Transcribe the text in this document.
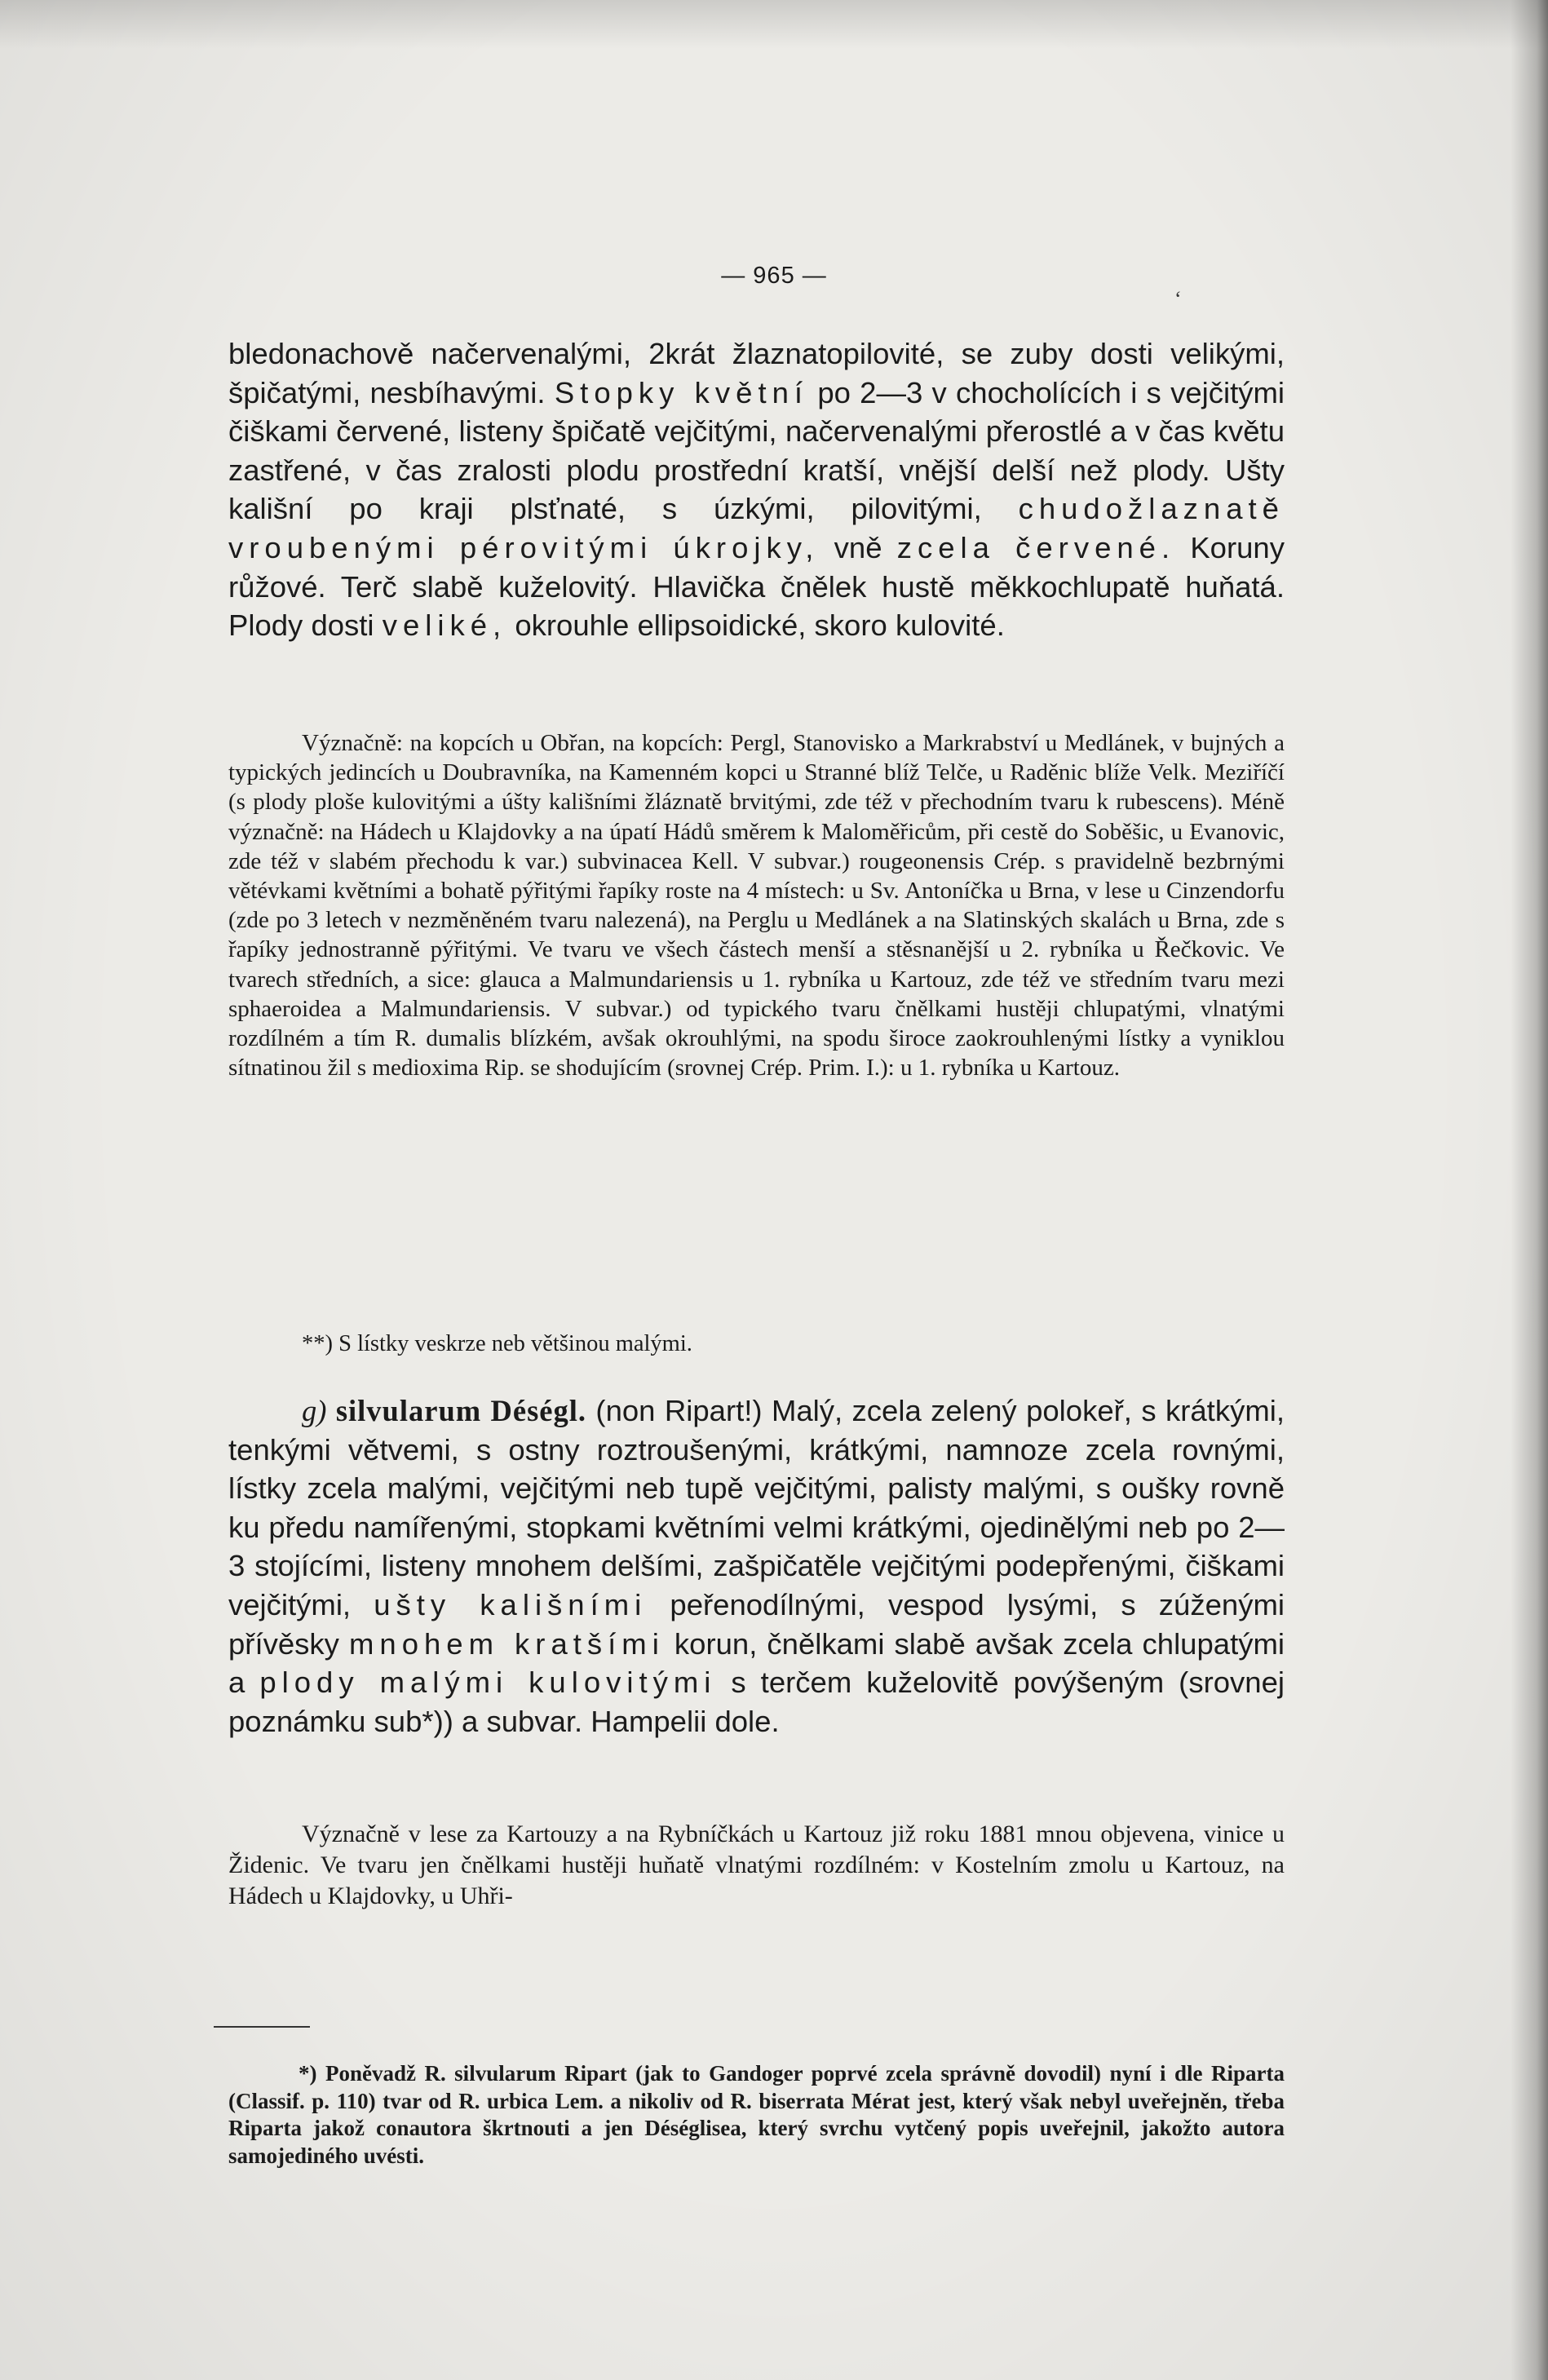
— 965 —
ʻ

bledonachově načervenalými, 2krát žlaznatopilovité, se zuby dosti velikými, špičatými, nesbíhavými. Stopky květní po 2—3 v chocholících i s vejčitými čiškami červené, listeny špičatě vejčitými, načervenalými přerostlé a v čas květu zastřené, v čas zralosti plodu prostřední kratší, vnější delší než plody. Ušty kališní po kraji plsťnaté, s úzkými, pilovitými, chudožlaznatě vroubenými pérovitými úkrojky, vně zcela červené. Koruny růžové. Terč slabě kuželovitý. Hlavička čnělek hustě měkkochlupatě huňatá. Plody dosti veliké, okrouhle ellipsoidické, skoro kulovité.

Význačně: na kopcích u Obřan, na kopcích: Pergl, Stanovisko a Markrabství u Medlánek, v bujných a typických jedincích u Doubravníka, na Kamenném kopci u Stranné blíž Telče, u Raděnic blíže Velk. Meziříčí (s plody ploše kulovitými a úšty kališními žláznatě brvitými, zde též v přechodním tvaru k rubescens). Méně význačně: na Hádech u Klajdovky a na úpatí Hádů směrem k Maloměřicům, při cestě do Soběšic, u Evanovic, zde též v slabém přechodu k var.) subvinacea Kell. V subvar.) rougeonensis Crép. s pravidelně bezbrnými větévkami květními a bohatě pýřitými řapíky roste na 4 místech: u Sv. Antoníčka u Brna, v lese u Cinzendorfu (zde po 3 letech v nezměněném tvaru nalezená), na Perglu u Medlánek a na Slatinských skalách u Brna, zde s řapíky jednostranně pýřitými. Ve tvaru ve všech částech menší a stěsnanější u 2. rybníka u Řečkovic. Ve tvarech středních, a sice: glauca a Malmundariensis u 1. rybníka u Kartouz, zde též ve středním tvaru mezi sphaeroidea a Malmundariensis. V subvar.) od typického tvaru čnělkami hustěji chlupatými, vlnatými rozdílném a tím R. dumalis blízkém, avšak okrouhlými, na spodu široce zaokrouhlenými lístky a vyniklou sítnatinou žil s medioxima Rip. se shodujícím (srovnej Crép. Prim. I.): u 1. rybníka u Kartouz.

**) S lístky veskrze neb většinou malými.

g) silvularum Déségl. (non Ripart!) Malý, zcela zelený polokeř, s krátkými, tenkými větvemi, s ostny roztroušenými, krátkými, namnoze zcela rovnými, lístky zcela malými, vejčitými neb tupě vejčitými, palisty malými, s ouškу rovně ku předu namířenými, stopkami květními velmi krátkými, ojedinělými neb po 2—3 stojícími, listeny mnohem delšími, zašpičatěle vejčitými podepřenými, čiškami vejčitými, ušty kališními peřenodílnými, vespod lysými, s zúženými přívěsky mnohem kratšími korun, čnělkami slabě avšak zcela chlupatými a plody malými kulovitými s terčem kuželovitě povýšeným (srovnej poznámku sub*)) a subvar. Hampelii dole.

Význačně v lese za Kartouzy a na Rybníčkách u Kartouz již roku 1881 mnou objevena, vinice u Židenic. Ve tvaru jen čnělkami hustěji huňatě vlnatými rozdílném: v Kostelním zmolu u Kartouz, na Hádech u Klajdovky, u Uhři-

*) Poněvadž R. silvularum Ripart (jak to Gandoger poprvé zcela správně dovodil) nyní i dle Riparta (Classif. p. 110) tvar od R. urbica Lem. a nikoliv od R. biserrata Mérat jest, který však nebyl uveřejněn, třeba Riparta jakož conautora škrtnouti a jen Déséglisea, který svrchu vytčený popis uveřejnil, jakožto autora samojediného uvésti.
